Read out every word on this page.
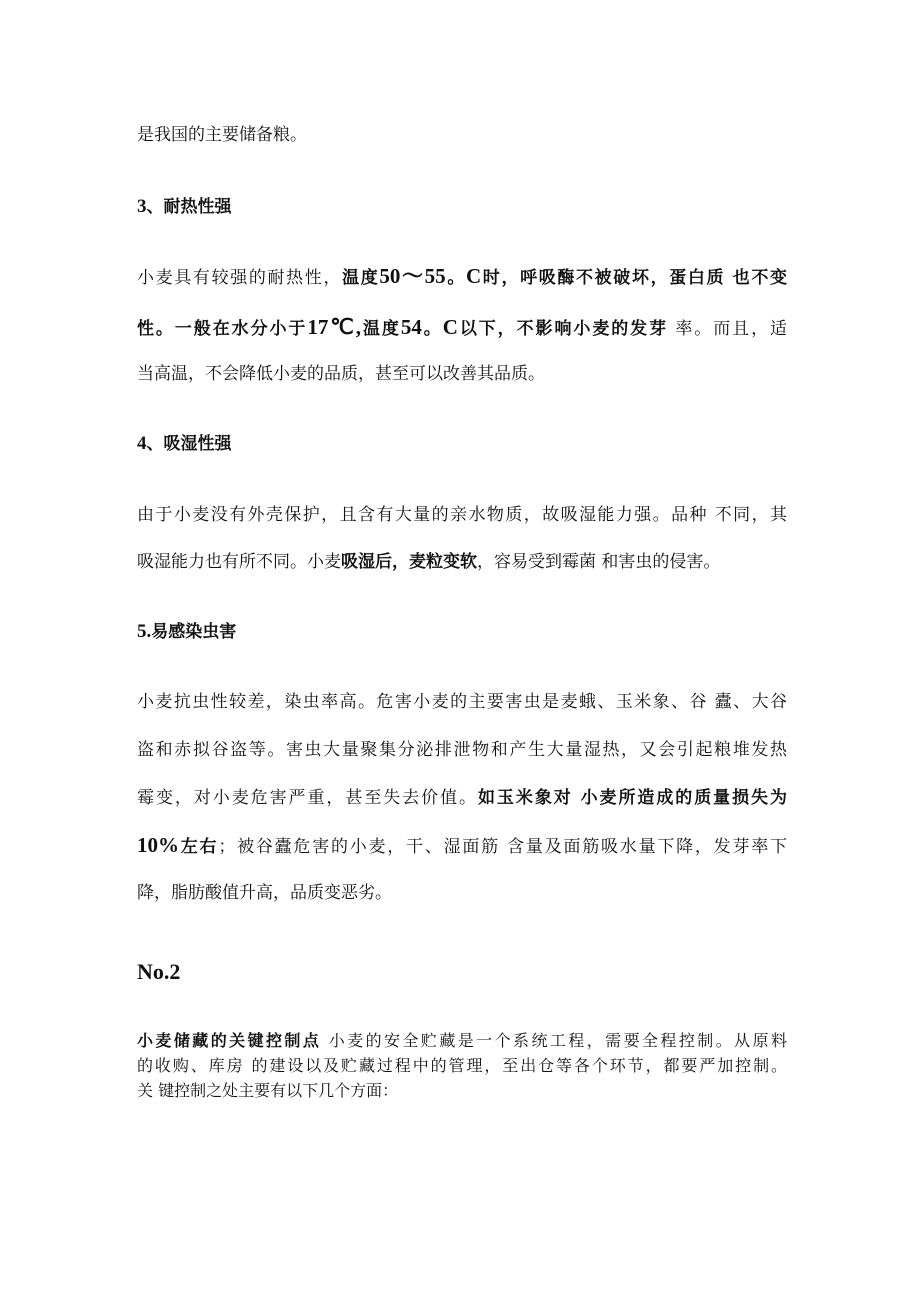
是我国的主要储备粮。
3、耐热性强
小麦具有较强的耐热性，温度50～55。C时，呼吸酶不被破坏，蛋白质 也不变
性。一般在水分小于17℃,温度54。C以下，不影响小麦的发芽 率。而且，适
当高温，不会降低小麦的品质，甚至可以改善其品质。
4、吸湿性强
由于小麦没有外壳保护，且含有大量的亲水物质，故吸湿能力强。品种 不同，其
吸湿能力也有所不同。小麦吸湿后，麦粒变软，容易受到霉菌 和害虫的侵害。
5.易感染虫害
小麦抗虫性较差，染虫率高。危害小麦的主要害虫是麦蛾、玉米象、谷 蠹、大谷
盗和赤拟谷盗等。害虫大量聚集分泌排泄物和产生大量湿热，又会引起粮堆发热
霉变，对小麦危害严重，甚至失去价值。如玉米象对 小麦所造成的质量损失为
10%左右；被谷蠹危害的小麦，干、湿面筋 含量及面筋吸水量下降，发芽率下
降，脂肪酸值升高，品质变恶劣。
No.2
小麦储藏的关键控制点 小麦的安全贮藏是一个系统工程，需要全程控制。从原料
的收购、库房 的建设以及贮藏过程中的管理，至出仓等各个环节，都要严加控制。
关 键控制之处主要有以下几个方面：
